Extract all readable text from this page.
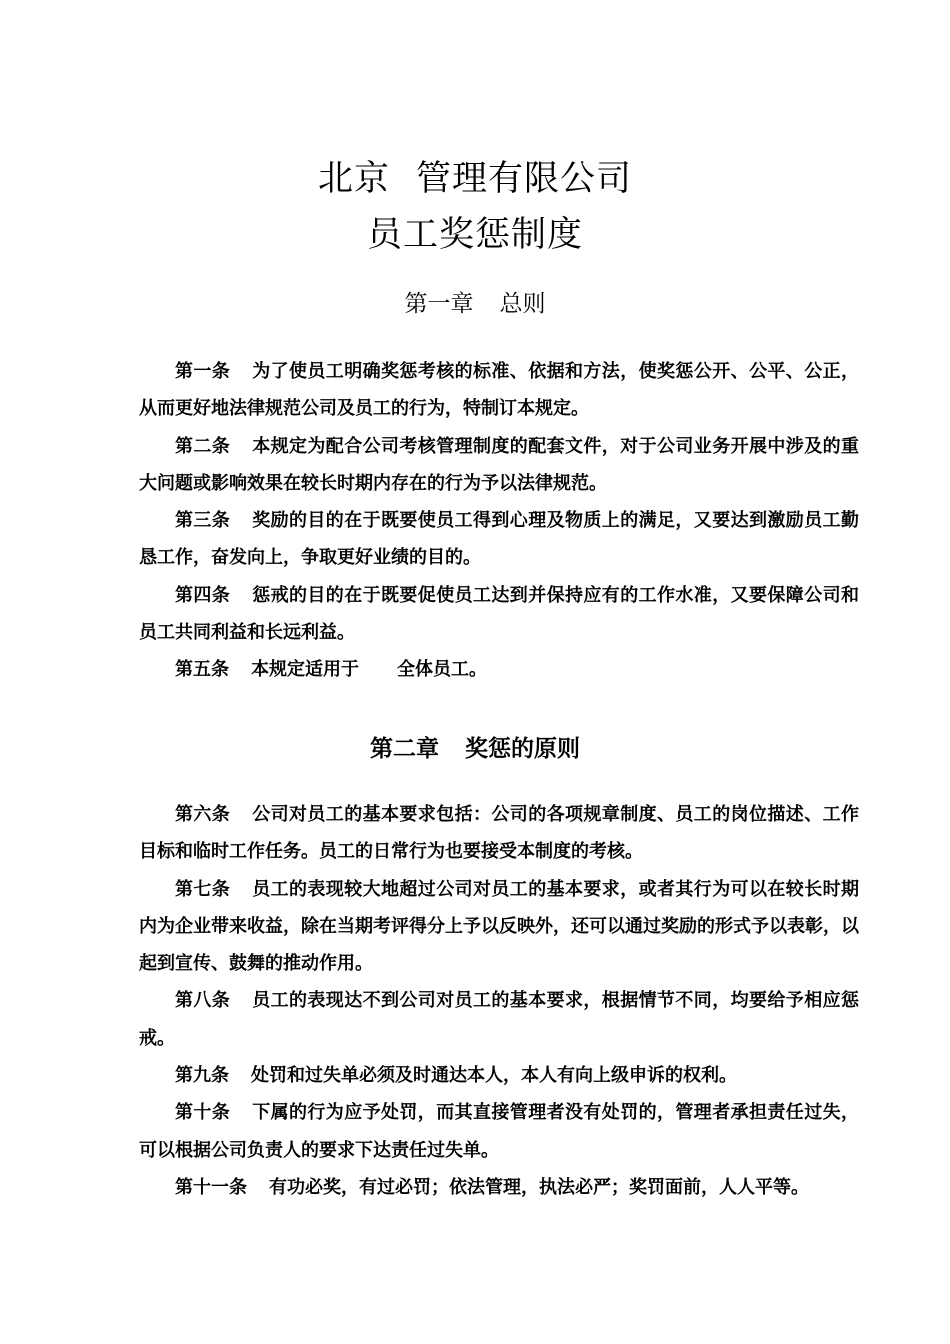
北京 管理有限公司
员工奖惩制度
第一章 总则

第一条 为了使员工明确奖惩考核的标准、依据和方法，使奖惩公开、公平、公正，从而更好地法律规范公司及员工的行为，特制订本规定。

第二条 本规定为配合公司考核管理制度的配套文件，对于公司业务开展中涉及的重大问题或影响效果在较长时期内存在的行为予以法律规范。

第三条 奖励的目的在于既要使员工得到心理及物质上的满足，又要达到激励员工勤恳工作，奋发向上，争取更好业绩的目的。

第四条 惩戒的目的在于既要促使员工达到并保持应有的工作水准，又要保障公司和员工共同利益和长远利益。

第五条 本规定适用于 全体员工。

第二章 奖惩的原则

第六条 公司对员工的基本要求包括：公司的各项规章制度、员工的岗位描述、工作目标和临时工作任务。员工的日常行为也要接受本制度的考核。

第七条 员工的表现较大地超过公司对员工的基本要求，或者其行为可以在较长时期内为企业带来收益，除在当期考评得分上予以反映外，还可以通过奖励的形式予以表彰，以起到宣传、鼓舞的推动作用。

第八条 员工的表现达不到公司对员工的基本要求，根据情节不同，均要给予相应惩戒。

第九条 处罚和过失单必须及时通达本人，本人有向上级申诉的权利。

第十条 下属的行为应予处罚，而其直接管理者没有处罚的，管理者承担责任过失，可以根据公司负责人的要求下达责任过失单。

第十一条 有功必奖，有过必罚；依法管理，执法必严；奖罚面前，人人平等。
